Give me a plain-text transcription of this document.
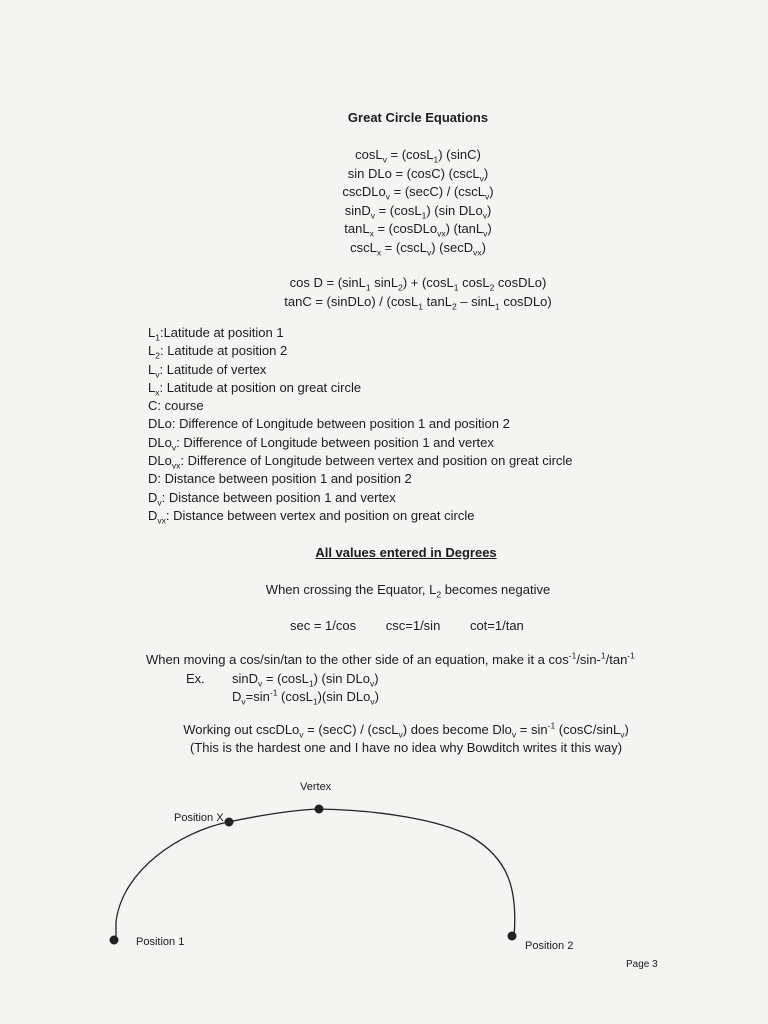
Great Circle Equations
cosL$_v$ = (cosL$_1$) (sinC)
sin DLo = (cosC) (cscL$_v$)
cscDLo$_v$ = (secC) / (cscL$_v$)
sinD$_v$ = (cosL$_1$) (sin DLo$_v$)
tanL$_x$ = (cosDLo$_{vx}$) (tanL$_v$)
cscL$_x$ = (cscL$_v$) (secD$_{vx}$)
cos D = (sinL$_1$ sinL$_2$) + (cosL$_1$ cosL$_2$ cosDLo)
tanC = (sinDLo) / (cosL$_1$ tanL$_2$ – sinL$_1$ cosDLo)
$L_1:Latitude$ at position 1
$L_2$: Latitude at position 2
$L_v$: Latitude of vertex
$L_x$: Latitude at position on great circle
C: course
DLo: Difference of Longitude between position 1 and position 2
DLo$_v$: Difference of Longitude between position 1 and vertex
DLo$_{vx}$: Difference of Longitude between vertex and position on great circle
D: Distance between position 1 and position 2
$D_v$: Distance between position 1 and vertex
$D_{vx}$: Distance between vertex and position on great circle
All values entered in Degrees
When crossing the Equator, $L_2$ becomes negative
sec = 1/cos csc=1/sin cot=1/tan
When moving a cos/sin/tan to the other side of an equation, make it a $\cos^{-1}/\sin-^1/\tan^{-1}$
Ex. sinD$_v$ = (cosL$_1$) (sin DLo$_v$)
$D_v=\sin^{-1}$ (cosL$_1$)(sin DLo$_v$)
Working out cscDLo$_v$ = (secC) / (cscL$_v$) does become $Dlo_v = \sin^{-1} (\cos C/\sin L_v)$
(This is the hardest one and I have no idea why Bowditch writes it this way)
Vertex
Position X
Position 1	Position 2
Page 3
